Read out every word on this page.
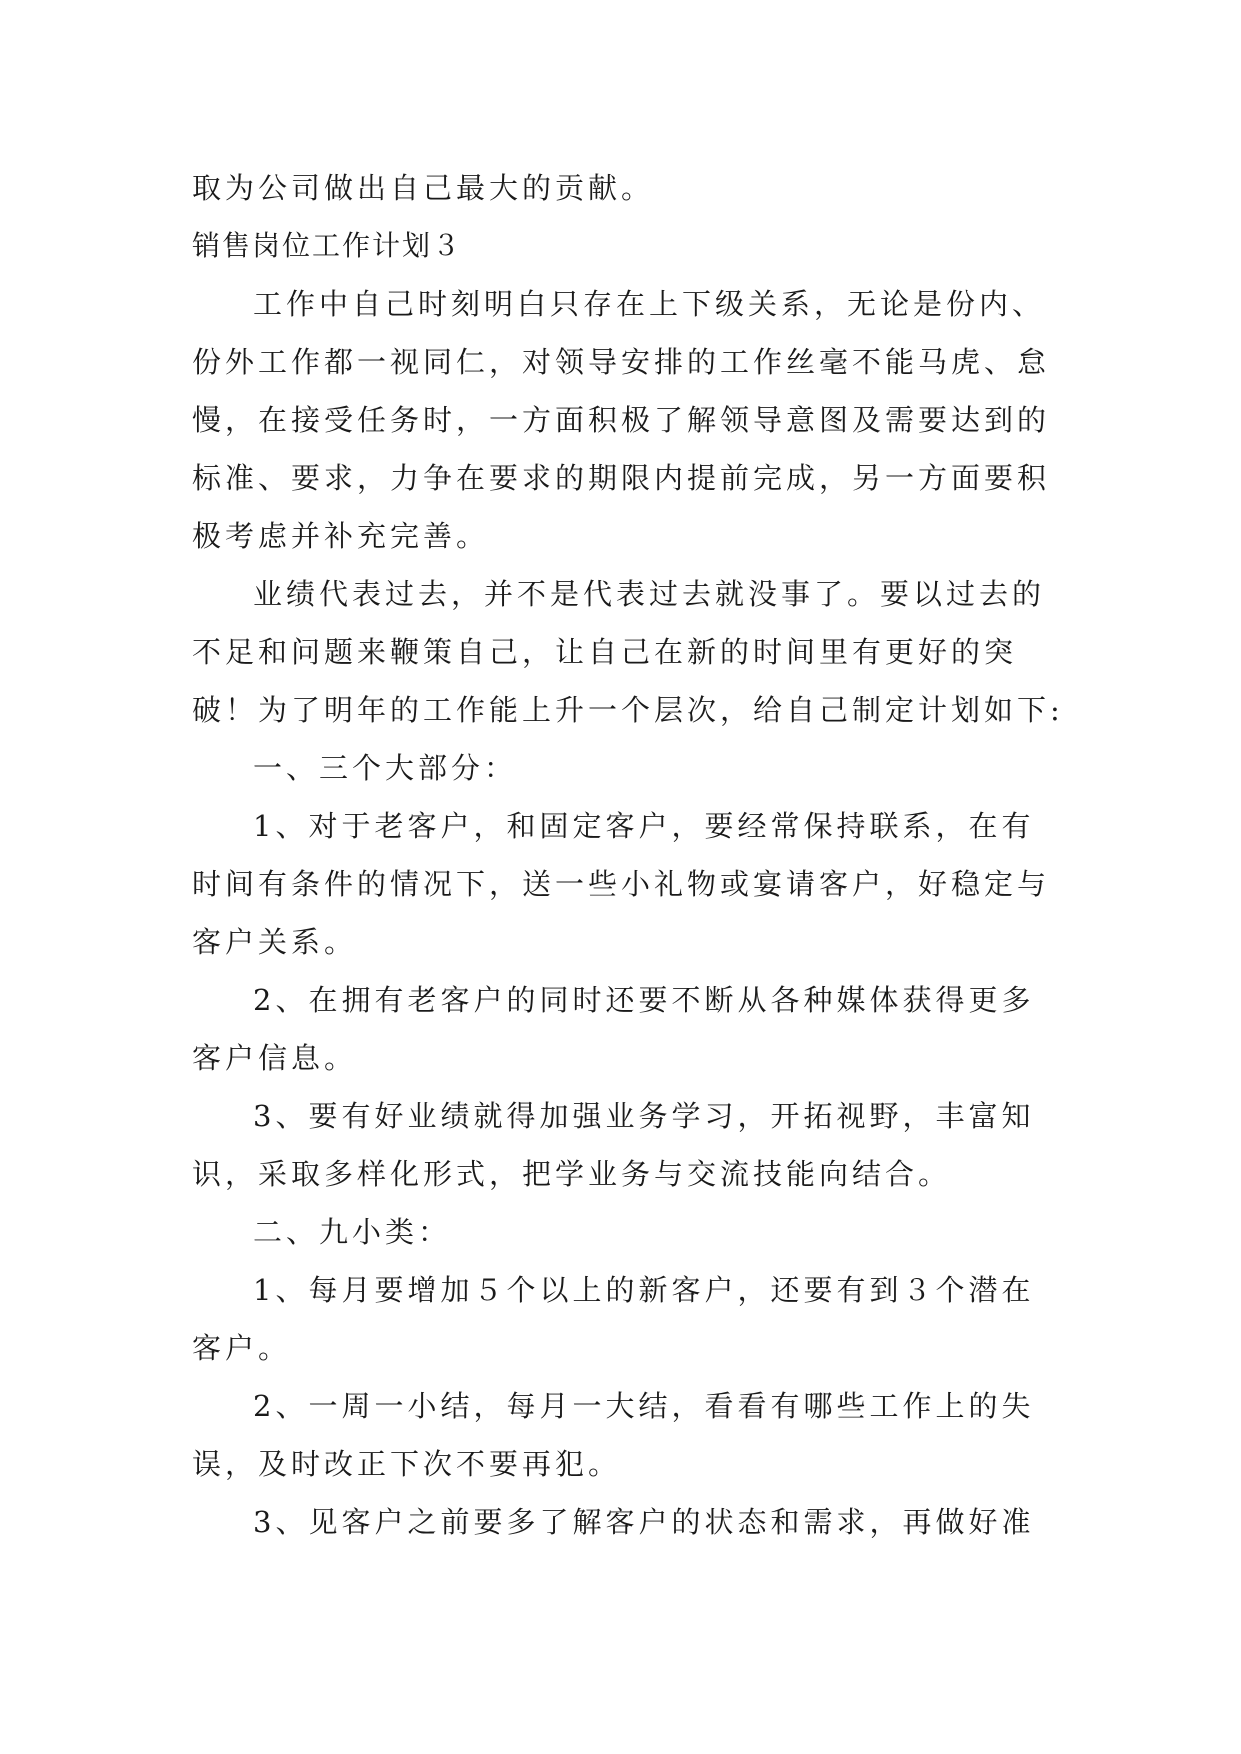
取为公司做出自己最大的贡献。
销售岗位工作计划３
工作中自己时刻明白只存在上下级关系，无论是份内、
份外工作都一视同仁，对领导安排的工作丝毫不能马虎、怠
慢，在接受任务时，一方面积极了解领导意图及需要达到的
标准、要求，力争在要求的期限内提前完成，另一方面要积
极考虑并补充完善。
业绩代表过去，并不是代表过去就没事了。要以过去的
不足和问题来鞭策自己，让自己在新的时间里有更好的突
破！为了明年的工作能上升一个层次，给自己制定计划如下:
一、三个大部分：
1、对于老客户，和固定客户，要经常保持联系，在有
时间有条件的情况下，送一些小礼物或宴请客户，好稳定与
客户关系。
2、在拥有老客户的同时还要不断从各种媒体获得更多
客户信息。
3、要有好业绩就得加强业务学习，开拓视野，丰富知
识，采取多样化形式，把学业务与交流技能向结合。
二、九小类：
1、每月要增加５个以上的新客户，还要有到３个潜在
客户。
2、一周一小结，每月一大结，看看有哪些工作上的失
误，及时改正下次不要再犯。
3、见客户之前要多了解客户的状态和需求，再做好准
